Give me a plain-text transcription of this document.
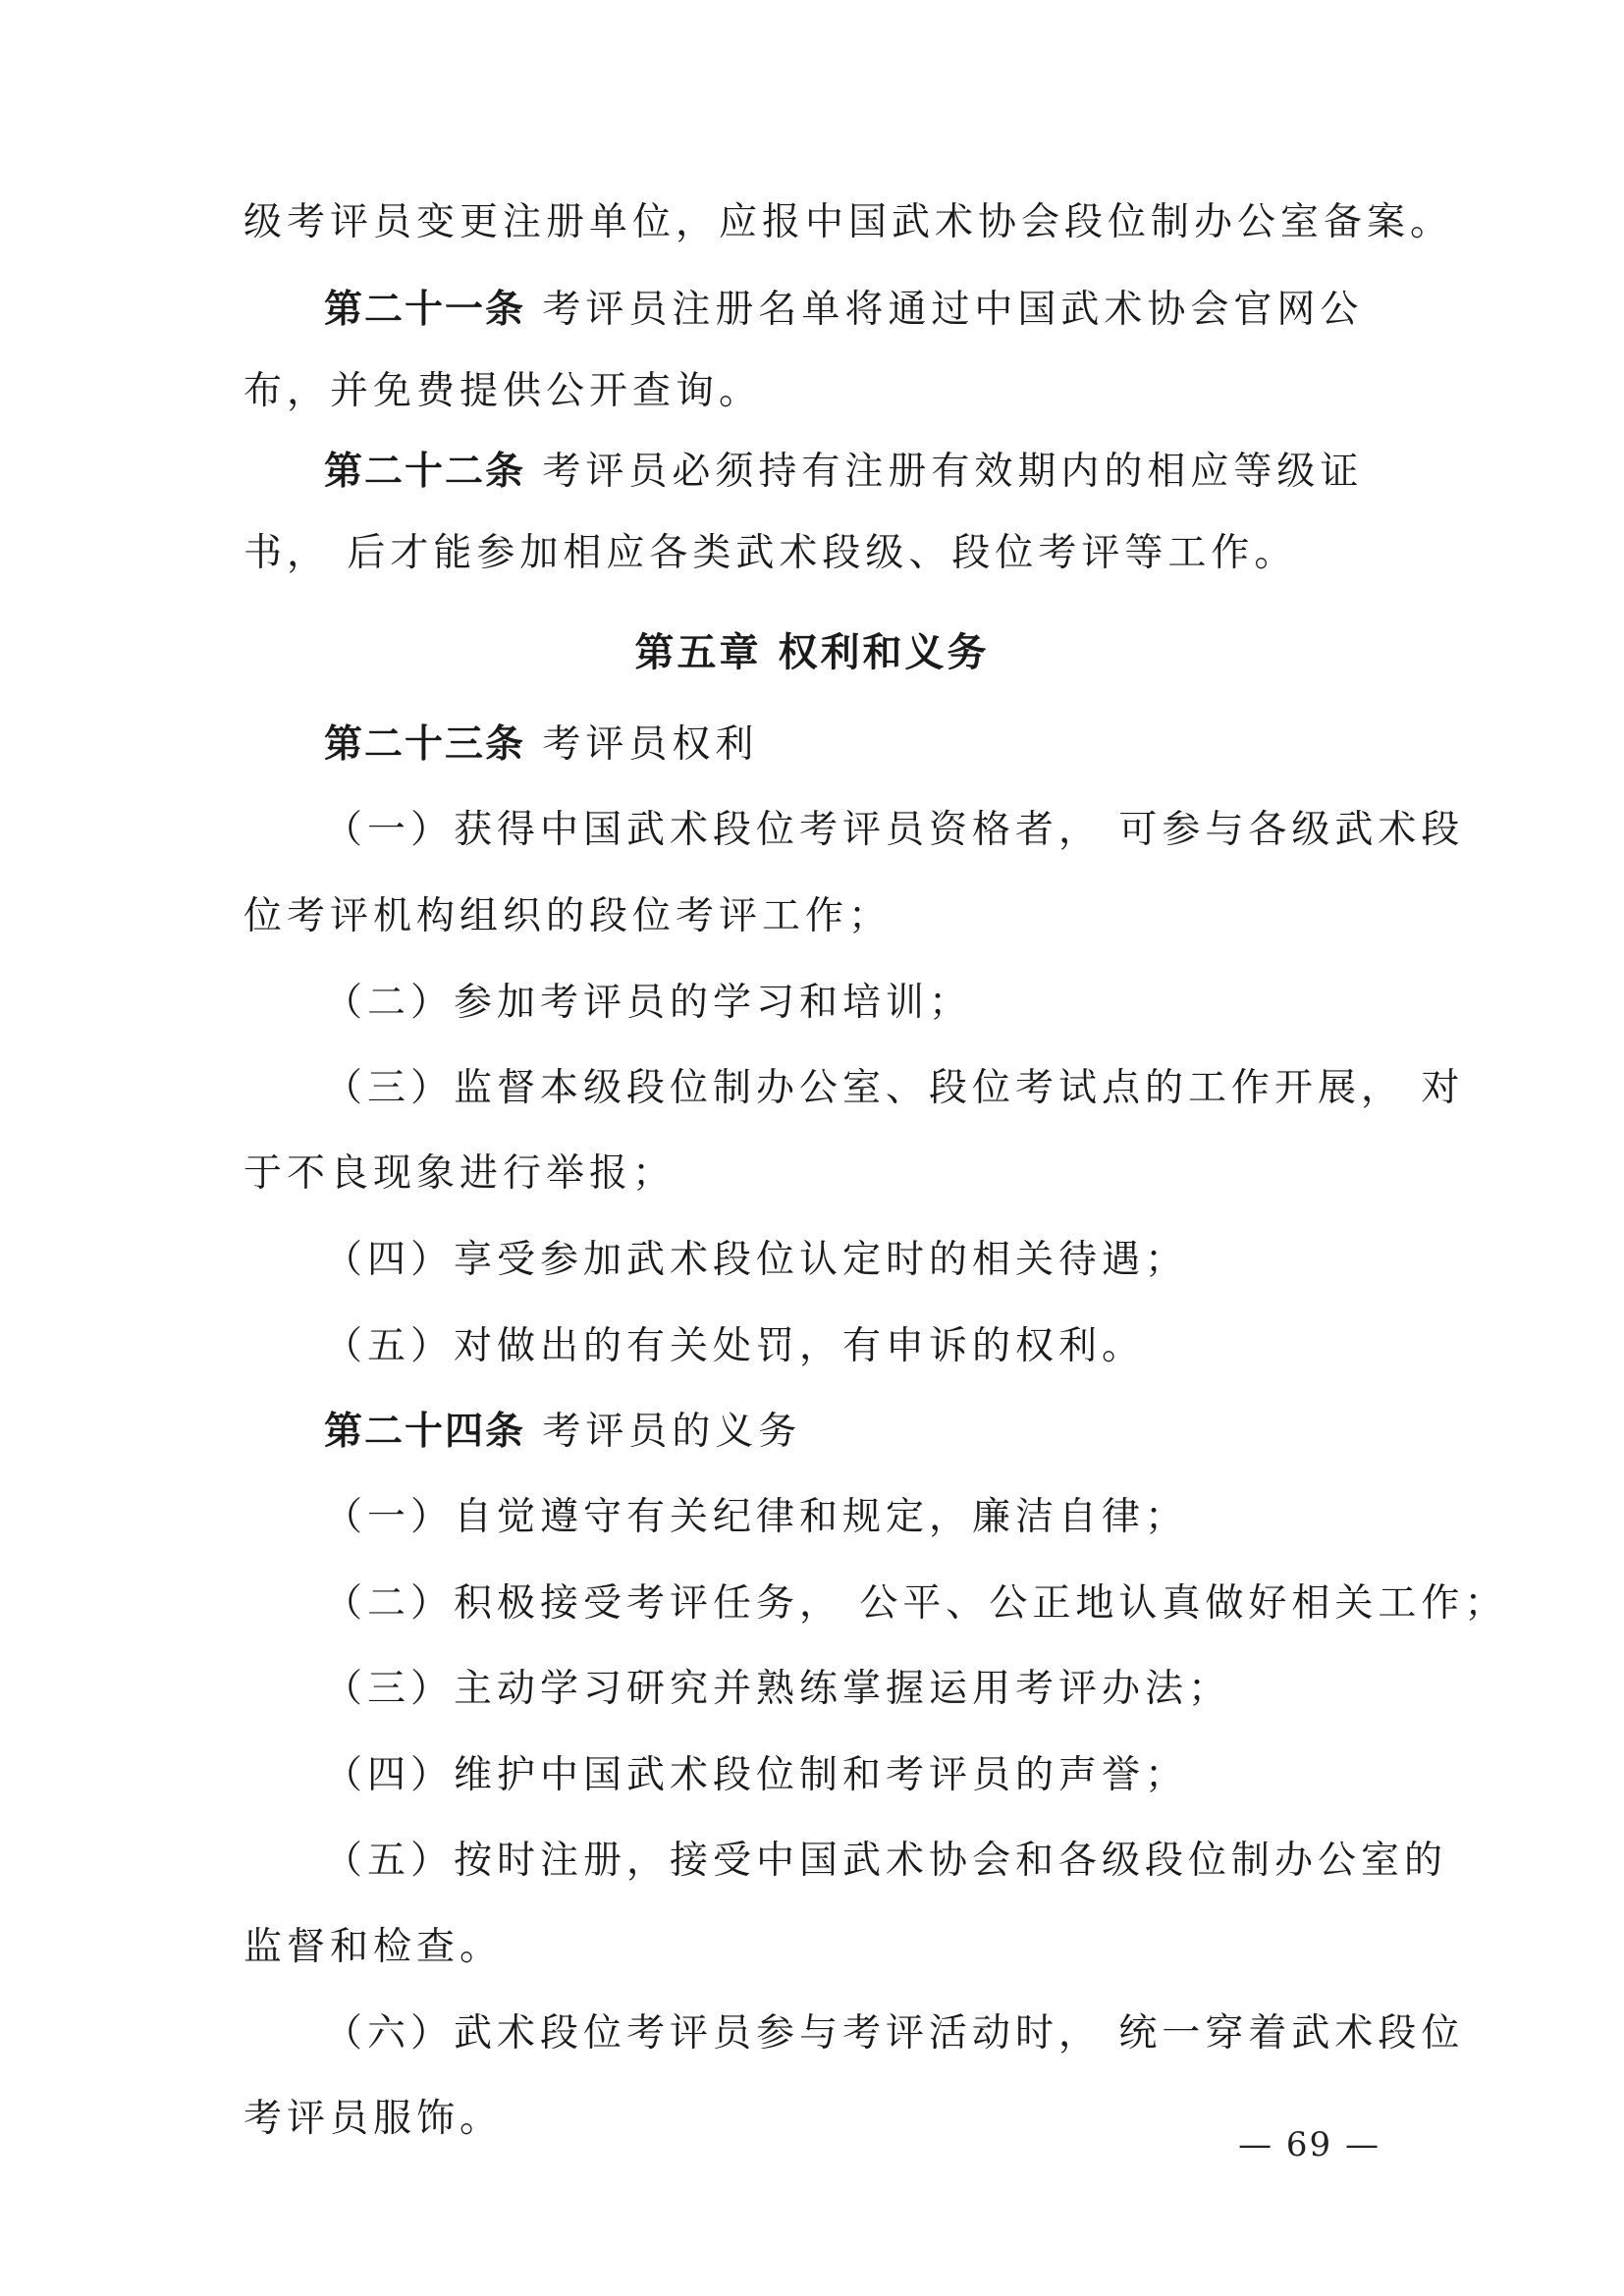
级考评员变更注册单位，应报中国武术协会段位制办公室备案。
第二十一条 考评员注册名单将通过中国武术协会官网公
布，并免费提供公开查询。
第二十二条 考评员必须持有注册有效期内的相应等级证
书， 后才能参加相应各类武术段级、段位考评等工作。
第五章 权利和义务
第二十三条 考评员权利
（一）获得中国武术段位考评员资格者， 可参与各级武术段
位考评机构组织的段位考评工作；
（二）参加考评员的学习和培训；
（三）监督本级段位制办公室、段位考试点的工作开展， 对
于不良现象进行举报；
（四）享受参加武术段位认定时的相关待遇；
（五）对做出的有关处罚，有申诉的权利。
第二十四条 考评员的义务
（一）自觉遵守有关纪律和规定，廉洁自律；
（二）积极接受考评任务， 公平、公正地认真做好相关工作；
（三）主动学习研究并熟练掌握运用考评办法；
（四）维护中国武术段位制和考评员的声誉；
（五）按时注册，接受中国武术协会和各级段位制办公室的
监督和检查。
（六）武术段位考评员参与考评活动时， 统一穿着武术段位
考评员服饰。
— 69 —
